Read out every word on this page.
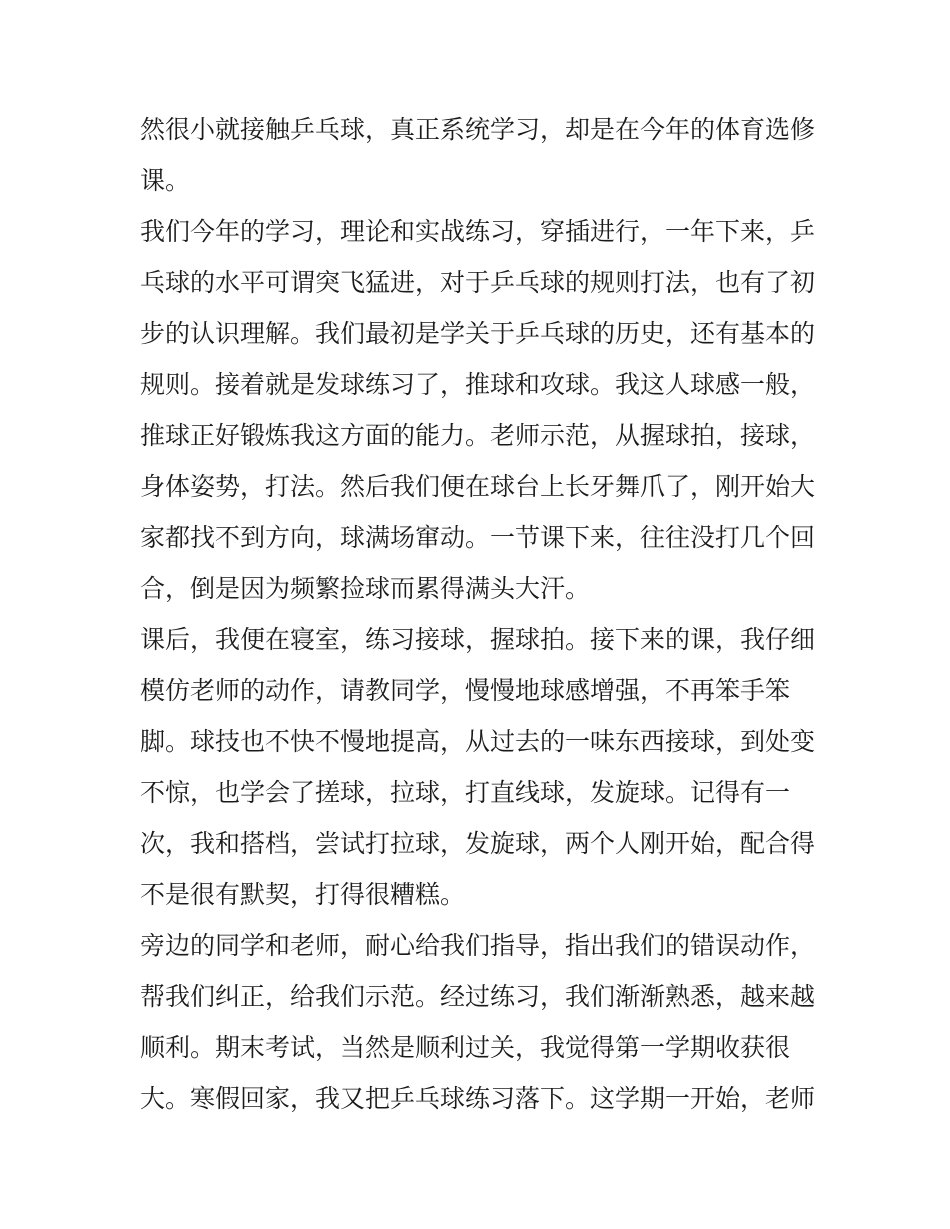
然很小就接触乒乓球，真正系统学习，却是在今年的体育选修
课。
我们今年的学习，理论和实战练习，穿插进行，一年下来，乒
乓球的水平可谓突飞猛进，对于乒乓球的规则打法，也有了初
步的认识理解。我们最初是学关于乒乓球的历史，还有基本的
规则。接着就是发球练习了，推球和攻球。我这人球感一般，
推球正好锻炼我这方面的能力。老师示范，从握球拍，接球，
身体姿势，打法。然后我们便在球台上长牙舞爪了，刚开始大
家都找不到方向，球满场窜动。一节课下来，往往没打几个回
合，倒是因为频繁捡球而累得满头大汗。
课后，我便在寝室，练习接球，握球拍。接下来的课，我仔细
模仿老师的动作，请教同学，慢慢地球感增强，不再笨手笨
脚。球技也不快不慢地提高，从过去的一味东西接球，到处变
不惊，也学会了搓球，拉球，打直线球，发旋球。记得有一
次，我和搭档，尝试打拉球，发旋球，两个人刚开始，配合得
不是很有默契，打得很糟糕。
旁边的同学和老师，耐心给我们指导，指出我们的错误动作，
帮我们纠正，给我们示范。经过练习，我们渐渐熟悉，越来越
顺利。期末考试，当然是顺利过关，我觉得第一学期收获很
大。寒假回家，我又把乒乓球练习落下。这学期一开始，老师
